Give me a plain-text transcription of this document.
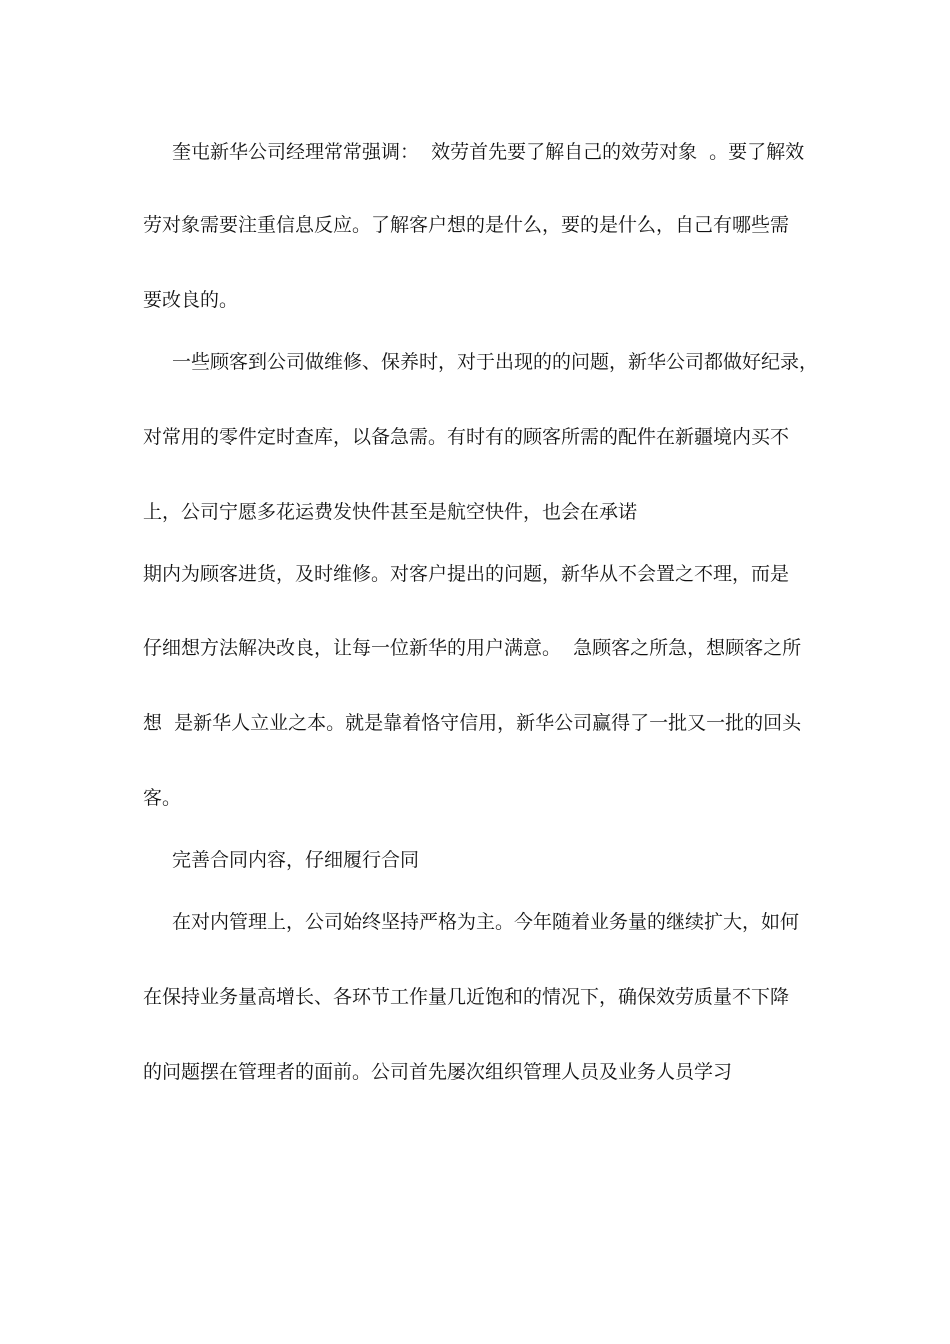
奎屯新华公司经理常常强调：  效劳首先要了解自己的效劳对象  。要了解效
劳对象需要注重信息反应。了解客户想的是什么，要的是什么，自己有哪些需
要改良的。
一些顾客到公司做维修、保养时，对于出现的的问题，新华公司都做好纪录，
对常用的零件定时查库，以备急需。有时有的顾客所需的配件在新疆境内买不
上，公司宁愿多花运费发快件甚至是航空快件，也会在承诺
期内为顾客进货，及时维修。对客户提出的问题，新华从不会置之不理，而是
仔细想方法解决改良，让每一位新华的用户满意。  急顾客之所急，想顾客之所
想  是新华人立业之本。就是靠着恪守信用，新华公司赢得了一批又一批的回头
客。
完善合同内容，仔细履行合同
在对内管理上，公司始终坚持严格为主。今年随着业务量的继续扩大，如何
在保持业务量高增长、各环节工作量几近饱和的情况下，确保效劳质量不下降
的问题摆在管理者的面前。公司首先屡次组织管理人员及业务人员学习
